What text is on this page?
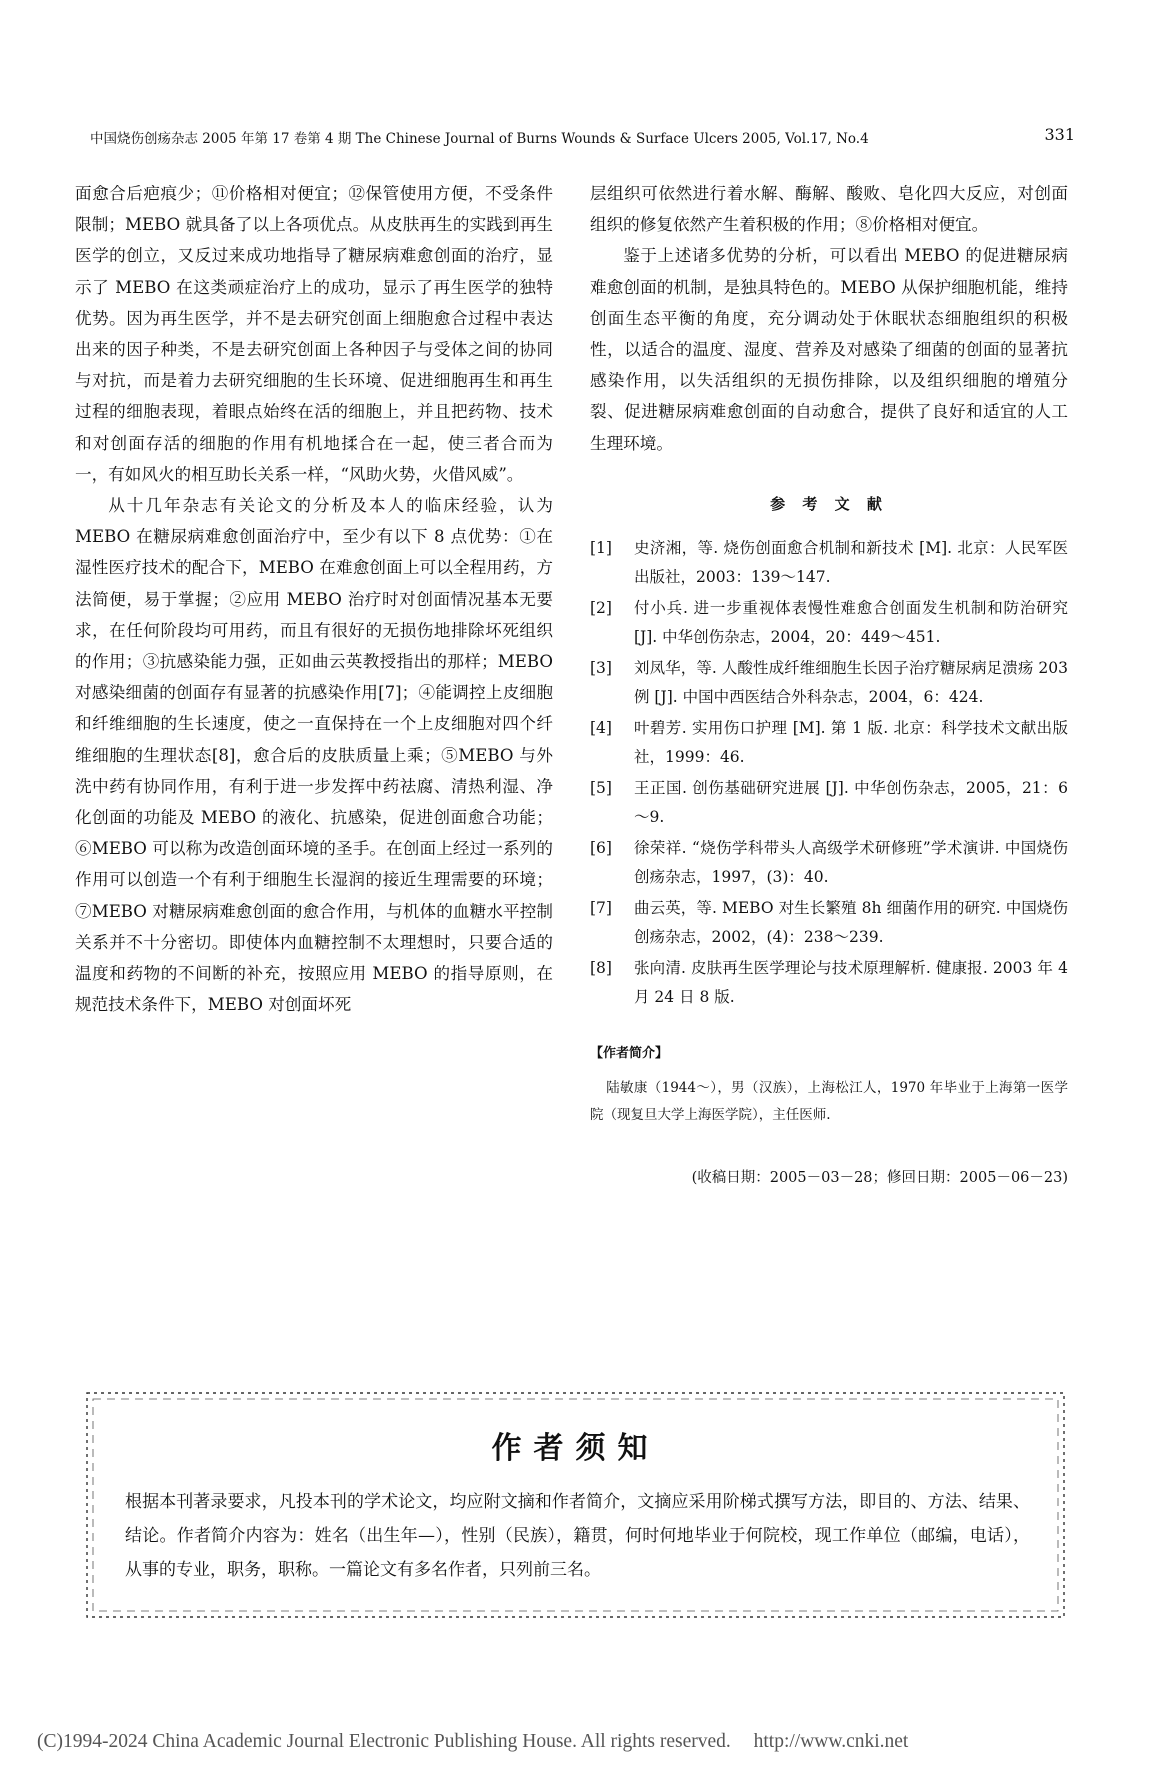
中国烧伤创疡杂志 2005 年第 17 卷第 4 期 The Chinese Journal of Burns Wounds & Surface Ulcers 2005, Vol.17, No.4	331

面愈合后疤痕少；⑪价格相对便宜；⑫保管使用方便，不受条件限制；MEBO 就具备了以上各项优点。从皮肤再生的实践到再生医学的创立，又反过来成功地指导了糖尿病难愈创面的治疗，显示了 MEBO 在这类顽症治疗上的成功，显示了再生医学的独特优势。因为再生医学，并不是去研究创面上细胞愈合过程中表达出来的因子种类，不是去研究创面上各种因子与受体之间的协同与对抗，而是着力去研究细胞的生长环境、促进细胞再生和再生过程的细胞表现，着眼点始终在活的细胞上，并且把药物、技术和对创面存活的细胞的作用有机地揉合在一起，使三者合而为一，有如风火的相互助长关系一样，“风助火势，火借风威”。

从十几年杂志有关论文的分析及本人的临床经验，认为 MEBO 在糖尿病难愈创面治疗中，至少有以下 8 点优势：①在湿性医疗技术的配合下，MEBO 在难愈创面上可以全程用药，方法简便，易于掌握；②应用 MEBO 治疗时对创面情况基本无要求，在任何阶段均可用药，而且有很好的无损伤地排除坏死组织的作用；③抗感染能力强，正如曲云英教授指出的那样；MEBO 对感染细菌的创面存有显著的抗感染作用[7]；④能调控上皮细胞和纤维细胞的生长速度，使之一直保持在一个上皮细胞对四个纤维细胞的生理状态[8]，愈合后的皮肤质量上乘；⑤MEBO 与外洗中药有协同作用，有利于进一步发挥中药祛腐、清热利湿、净化创面的功能及 MEBO 的液化、抗感染，促进创面愈合功能；⑥MEBO 可以称为改造创面环境的圣手。在创面上经过一系列的作用可以创造一个有利于细胞生长湿润的接近生理需要的环境；⑦MEBO 对糖尿病难愈创面的愈合作用，与机体的血糖水平控制关系并不十分密切。即使体内血糖控制不太理想时，只要合适的温度和药物的不间断的补充，按照应用 MEBO 的指导原则，在规范技术条件下，MEBO 对创面坏死

层组织可依然进行着水解、酶解、酸败、皂化四大反应，对创面组织的修复依然产生着积极的作用；⑧价格相对便宜。

鉴于上述诸多优势的分析，可以看出 MEBO 的促进糖尿病难愈创面的机制，是独具特色的。MEBO 从保护细胞机能，维持创面生态平衡的角度，充分调动处于休眠状态细胞组织的积极性，以适合的温度、湿度、营养及对感染了细菌的创面的显著抗感染作用，以失活组织的无损伤排除，以及组织细胞的增殖分裂、促进糖尿病难愈创面的自动愈合，提供了良好和适宜的人工生理环境。

参 考 文 献
[1]	史济湘，等. 烧伤创面愈合机制和新技术 [M]. 北京：人民军医出版社，2003：139～147.
[2]	付小兵. 进一步重视体表慢性难愈合创面发生机制和防治研究 [J]. 中华创伤杂志，2004，20：449～451.
[3]	刘凤华，等. 人酸性成纤维细胞生长因子治疗糖尿病足溃疡 203 例 [J]. 中国中西医结合外科杂志，2004，6：424.
[4]	叶碧芳. 实用伤口护理 [M]. 第 1 版. 北京：科学技术文献出版社，1999：46.
[5]	王正国. 创伤基础研究进展 [J]. 中华创伤杂志，2005，21：6～9.
[6]	徐荣祥. “烧伤学科带头人高级学术研修班”学术演讲. 中国烧伤创疡杂志，1997，(3)：40.
[7]	曲云英，等. MEBO 对生长繁殖 8h 细菌作用的研究. 中国烧伤创疡杂志，2002，(4)：238～239.
[8]	张向清. 皮肤再生医学理论与技术原理解析. 健康报. 2003 年 4 月 24 日 8 版.
【作者简介】
陆敏康（1944～），男（汉族），上海松江人，1970 年毕业于上海第一医学院（现复旦大学上海医学院），主任医师.
(收稿日期：2005－03－28；修回日期：2005－06－23)
作者须知
根据本刊著录要求，凡投本刊的学术论文，均应附文摘和作者简介，文摘应采用阶梯式撰写方法，即目的、方法、结果、结论。作者简介内容为：姓名（出生年—），性别（民族），籍贯，何时何地毕业于何院校，现工作单位（邮编，电话），从事的专业，职务，职称。一篇论文有多名作者，只列前三名。
(C)1994-2024 China Academic Journal Electronic Publishing House. All rights reserved. http://www.cnki.net
